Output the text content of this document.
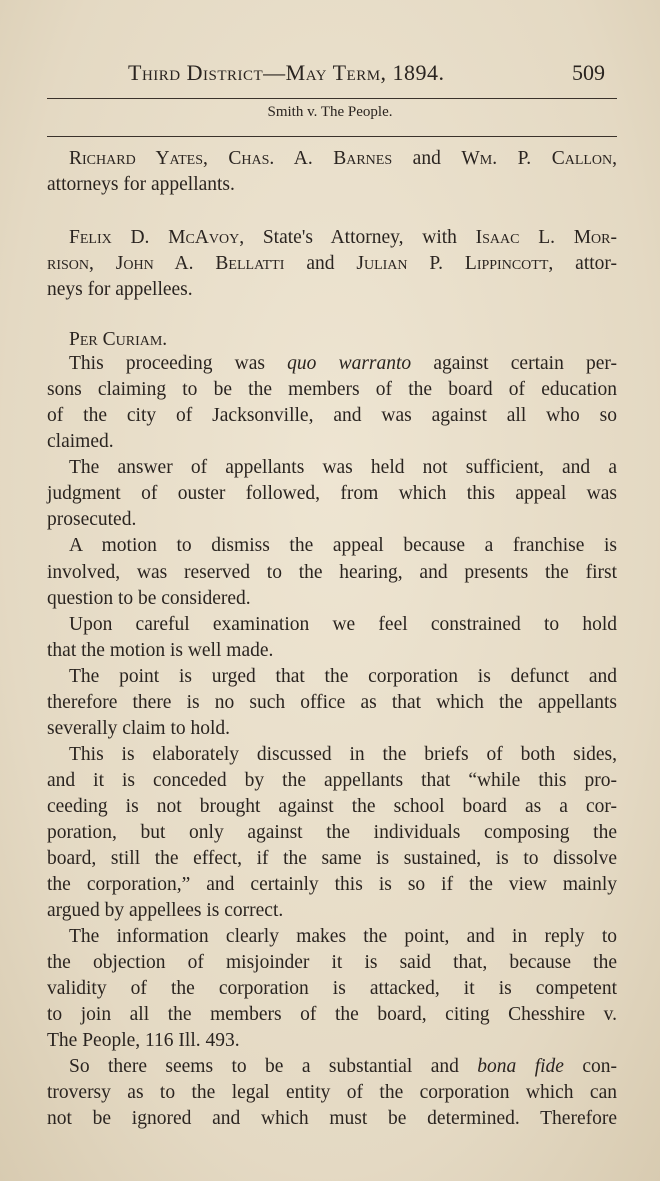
Third District—May Term, 1894.	509
Smith v. The People.
Richard Yates, Chas. A. Barnes and Wm. P. Callon,
attorneys for appellants.
Felix D. McAvoy, State's Attorney, with Isaac L. Mor-
rison, John A. Bellatti and Julian P. Lippincott, attor-
neys for appellees.
Per Curiam.
This proceeding was quo warranto against certain per-
sons claiming to be the members of the board of education
of the city of Jacksonville, and was against all who so
claimed.
The answer of appellants was held not sufficient, and a
judgment of ouster followed, from which this appeal was
prosecuted.
A motion to dismiss the appeal because a franchise is
involved, was reserved to the hearing, and presents the first
question to be considered.
Upon careful examination we feel constrained to hold
that the motion is well made.
The point is urged that the corporation is defunct and
therefore there is no such office as that which the appellants
severally claim to hold.
This is elaborately discussed in the briefs of both sides,
and it is conceded by the appellants that “while this pro-
ceeding is not brought against the school board as a cor-
poration, but only against the individuals composing the
board, still the effect, if the same is sustained, is to dissolve
the corporation,” and certainly this is so if the view mainly
argued by appellees is correct.
The information clearly makes the point, and in reply to
the objection of misjoinder it is said that, because the
validity of the corporation is attacked, it is competent
to join all the members of the board, citing Chesshire v.
The People, 116 Ill. 493.
So there seems to be a substantial and bona fide con-
troversy as to the legal entity of the corporation which can
not be ignored and which must be determined. Therefore
